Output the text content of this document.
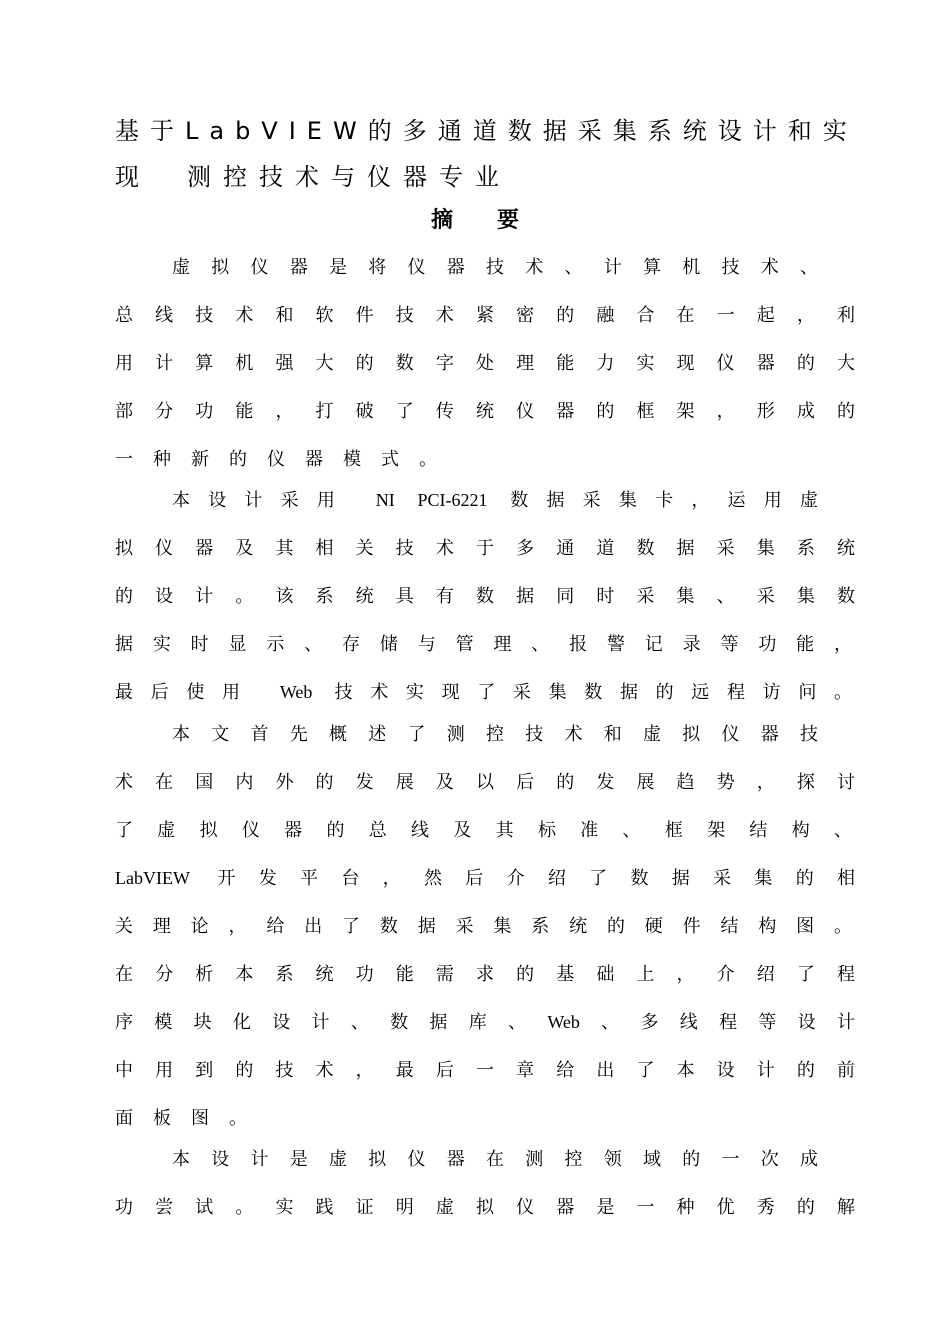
基于LabVIEW的多通道数据采集系统设计和实
现　测控技术与仪器专业
摘　　要

虚拟仪器是将仪器技术、计算机技术、

总线技术和软件技术紧密的融合在一起，利

用计算机强大的数字处理能力实现仪器的大

部分功能，打破了传统仪器的框架，形成的

一种新的仪器模式。

本设计采用 NI PCI-6221 数据采集卡，运用虚

拟仪器及其相关技术于多通道数据采集系统

的设计。该系统具有数据同时采集、采集数

据实时显示、存储与管理、报警记录等功能，

最后使用 Web 技术实现了采集数据的远程访问。

本文首先概述了测控技术和虚拟仪器技

术在国内外的发展及以后的发展趋势，探讨

了虚拟仪器的总线及其标准、框架结构、

LabVIEW 开发平台，然后介绍了数据采集的相

关理论，给出了数据采集系统的硬件结构图。

在分析本系统功能需求的基础上，介绍了程

序模块化设计、数据库、Web、多线程等设计

中用到的技术，最后一章给出了本设计的前

面板图。

本设计是虚拟仪器在测控领域的一次成

功尝试。实践证明虚拟仪器是一种优秀的解
